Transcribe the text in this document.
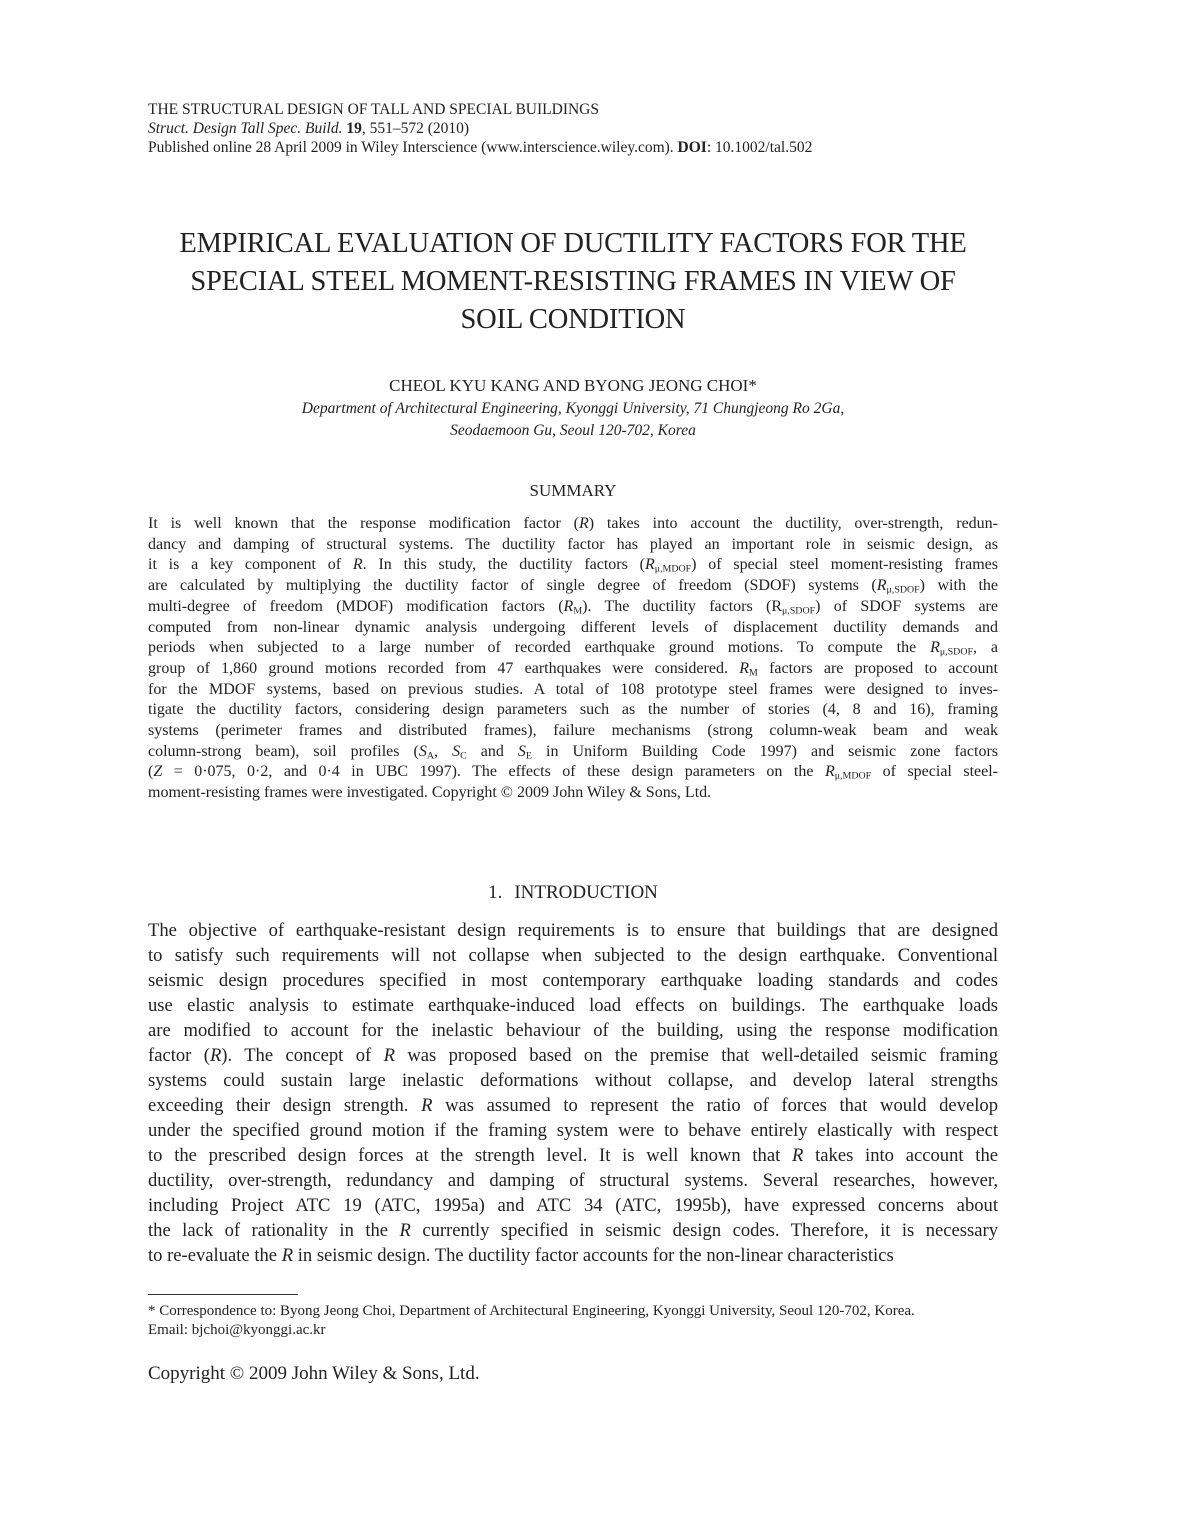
THE STRUCTURAL DESIGN OF TALL AND SPECIAL BUILDINGS
Struct. Design Tall Spec. Build. 19, 551–572 (2010)
Published online 28 April 2009 in Wiley Interscience (www.interscience.wiley.com). DOI: 10.1002/tal.502
EMPIRICAL EVALUATION OF DUCTILITY FACTORS FOR THE
SPECIAL STEEL MOMENT-RESISTING FRAMES IN VIEW OF
SOIL CONDITION
CHEOL KYU KANG AND BYONG JEONG CHOI*
Department of Architectural Engineering, Kyonggi University, 71 Chungjeong Ro 2Ga,
Seodaemoon Gu, Seoul 120-702, Korea
SUMMARY
It is well known that the response modification factor (R) takes into account the ductility, over-strength, redun-
dancy and damping of structural systems. The ductility factor has played an important role in seismic design, as
it is a key component of R. In this study, the ductility factors $(R_{\mu,MDOF})$ of special steel moment-resisting frames
are calculated by multiplying the ductility factor of single degree of freedom (SDOF) systems $(R_{\mu,SDOF})$ with the
multi-degree of freedom (MDOF) modification factors $(R_M)$. The ductility factors $(R_{\mu,SDOF})$ of SDOF systems are
computed from non-linear dynamic analysis undergoing different levels of displacement ductility demands and
periods when subjected to a large number of recorded earthquake ground motions. To compute the $R_{\mu,SDOF}$, a
group of 1,860 ground motions recorded from 47 earthquakes were considered. $R_M$ factors are proposed to account
for the MDOF systems, based on previous studies. A total of 108 prototype steel frames were designed to inves-
tigate the ductility factors, considering design parameters such as the number of stories (4, 8 and 16), framing
systems (perimeter frames and distributed frames), failure mechanisms (strong column-weak beam and weak
column-strong beam), soil profiles ($S_A$, $S_C$ and $S_E$ in Uniform Building Code 1997) and seismic zone factors
(Z = 0·075, 0·2, and 0·4 in UBC 1997). The effects of these design parameters on the $R_{\mu,MDOF}$ of special steel-
moment-resisting frames were investigated. Copyright © 2009 John Wiley & Sons, Ltd.
1. INTRODUCTION
The objective of earthquake-resistant design requirements is to ensure that buildings that are designed
to satisfy such requirements will not collapse when subjected to the design earthquake. Conventional
seismic design procedures specified in most contemporary earthquake loading standards and codes
use elastic analysis to estimate earthquake-induced load effects on buildings. The earthquake loads
are modified to account for the inelastic behaviour of the building, using the response modification
factor (R). The concept of R was proposed based on the premise that well-detailed seismic framing
systems could sustain large inelastic deformations without collapse, and develop lateral strengths
exceeding their design strength. R was assumed to represent the ratio of forces that would develop
under the specified ground motion if the framing system were to behave entirely elastically with respect
to the prescribed design forces at the strength level. It is well known that R takes into account the
ductility, over-strength, redundancy and damping of structural systems. Several researches, however,
including Project ATC 19 (ATC, 1995a) and ATC 34 (ATC, 1995b), have expressed concerns about
the lack of rationality in the R currently specified in seismic design codes. Therefore, it is necessary
to re-evaluate the R in seismic design. The ductility factor accounts for the non-linear characteristics
* Correspondence to: Byong Jeong Choi, Department of Architectural Engineering, Kyonggi University, Seoul 120-702, Korea.
Email: bjchoi@kyonggi.ac.kr
Copyright © 2009 John Wiley & Sons, Ltd.
